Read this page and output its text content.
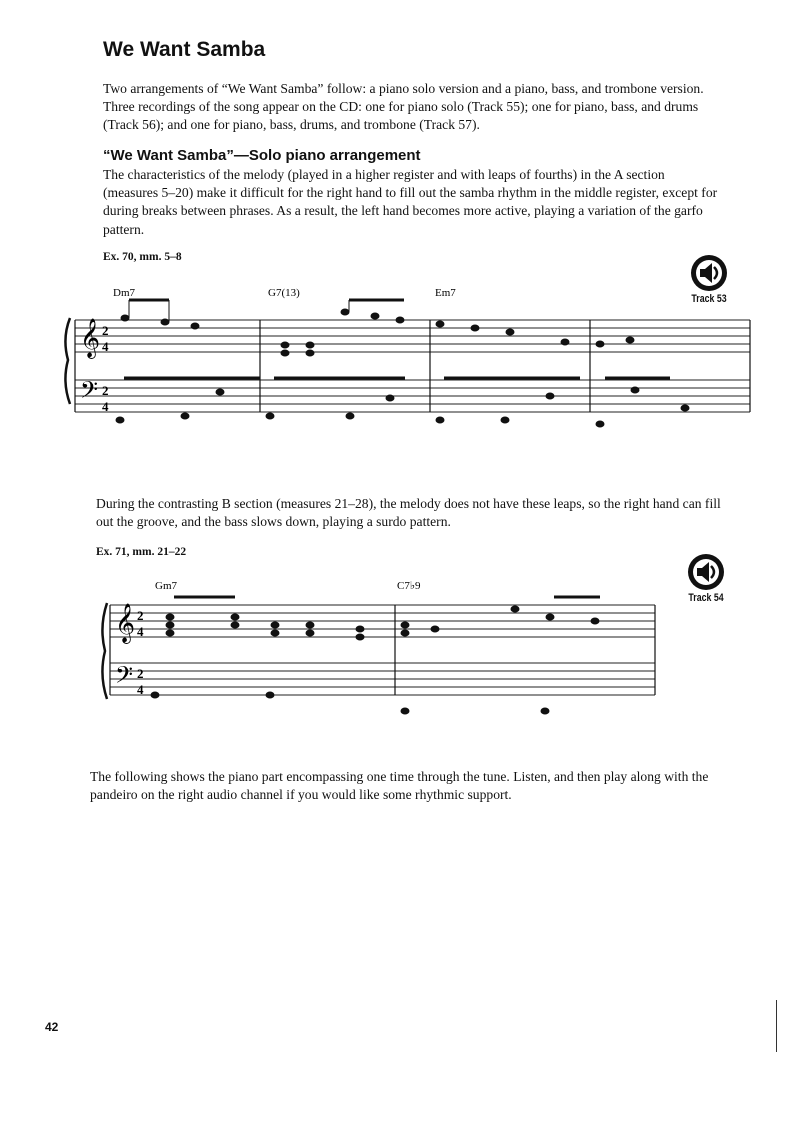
We Want Samba
Two arrangements of “We Want Samba” follow: a piano solo version and a piano, bass, and trombone version. Three recordings of the song appear on the CD: one for piano solo (Track 55); one for piano, bass, and drums (Track 56); and one for piano, bass, drums, and trombone (Track 57).
“We Want Samba”—Solo piano arrangement
The characteristics of the melody (played in a higher register and with leaps of fourths) in the A section (measures 5–20) make it difficult for the right hand to fill out the samba rhythm in the middle register, except for during breaks between phrases. As a result, the left hand becomes more active, playing a variation of the garfo pattern.
Ex. 70, mm. 5–8
Track 53
Dm7	G7(13)	Em7
𝄞
𝄢
2
4
2
4
During the contrasting B section (measures 21–28), the melody does not have these leaps, so the right hand can fill out the groove, and the bass slows down, playing a surdo pattern.
Ex. 71, mm. 21–22
Track 54
Gm7	C7♭9
𝄞
𝄢
2
4
2
4
The following shows the piano part encompassing one time through the tune. Listen, and then play along with the pandeiro on the right audio channel if you would like some rhythmic support.
42
